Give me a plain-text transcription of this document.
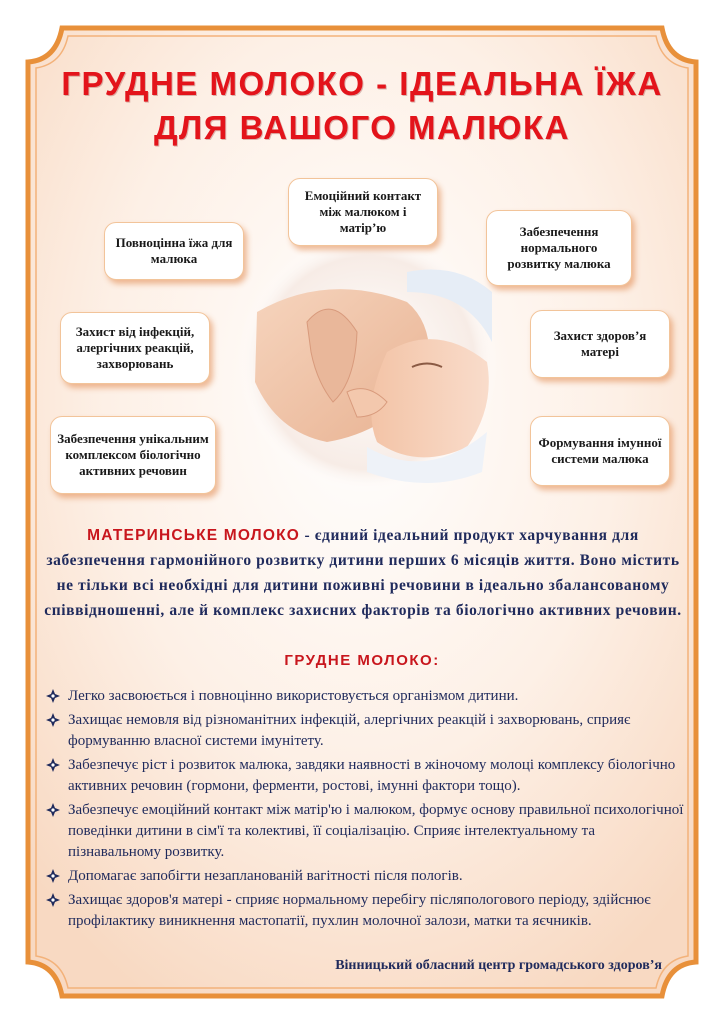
ГРУДНЕ МОЛОКО - ІДЕАЛЬНА ЇЖА
ДЛЯ ВАШОГО МАЛЮКА
Емоційний контакт між малюком і матір’ю
Повноцінна їжа для малюка
Забезпечення нормального розвитку малюка
Захист від інфекцій, алергічних реакцій, захворювань
Захист здоров’я матері
Забезпечення унікальним комплексом біологічно активних речовин
Формування імунної системи малюка
МАТЕРИНСЬКЕ МОЛОКО - єдиний ідеальний продукт харчування для забезпечення гармонійного розвитку дитини перших 6 місяців життя. Воно містить не тільки всі необхідні для дитини поживні речовини в ідеально збалансованому співвідношенні, але й комплекс захисних факторів та біологічно активних речовин.
ГРУДНЕ МОЛОКО:
Легко засвоюється і повноцінно використовується організмом дитини.
Захищає немовля від різноманітних інфекцій, алергічних реакцій і захворювань, сприяє формуванню власної системи імунітету.
Забезпечує ріст і розвиток малюка, завдяки наявності в жіночому молоці комплексу біологічно активних речовин (гормони, ферменти, ростові, імунні фактори тощо).
Забезпечує емоційний контакт між матір'ю і малюком, формує основу правильної психологічної поведінки дитини в сім'ї та колективі, її соціалізацію. Сприяє інтелектуальному та пізнавальному розвитку.
Допомагає запобігти незапланованій вагітності після пологів.
Захищає здоров'я матері - сприяє нормальному перебігу післяпологового періоду, здійснює профілактику виникнення мастопатії, пухлин молочної залози, матки та яєчників.
Вінницький обласний центр громадського здоров’я
